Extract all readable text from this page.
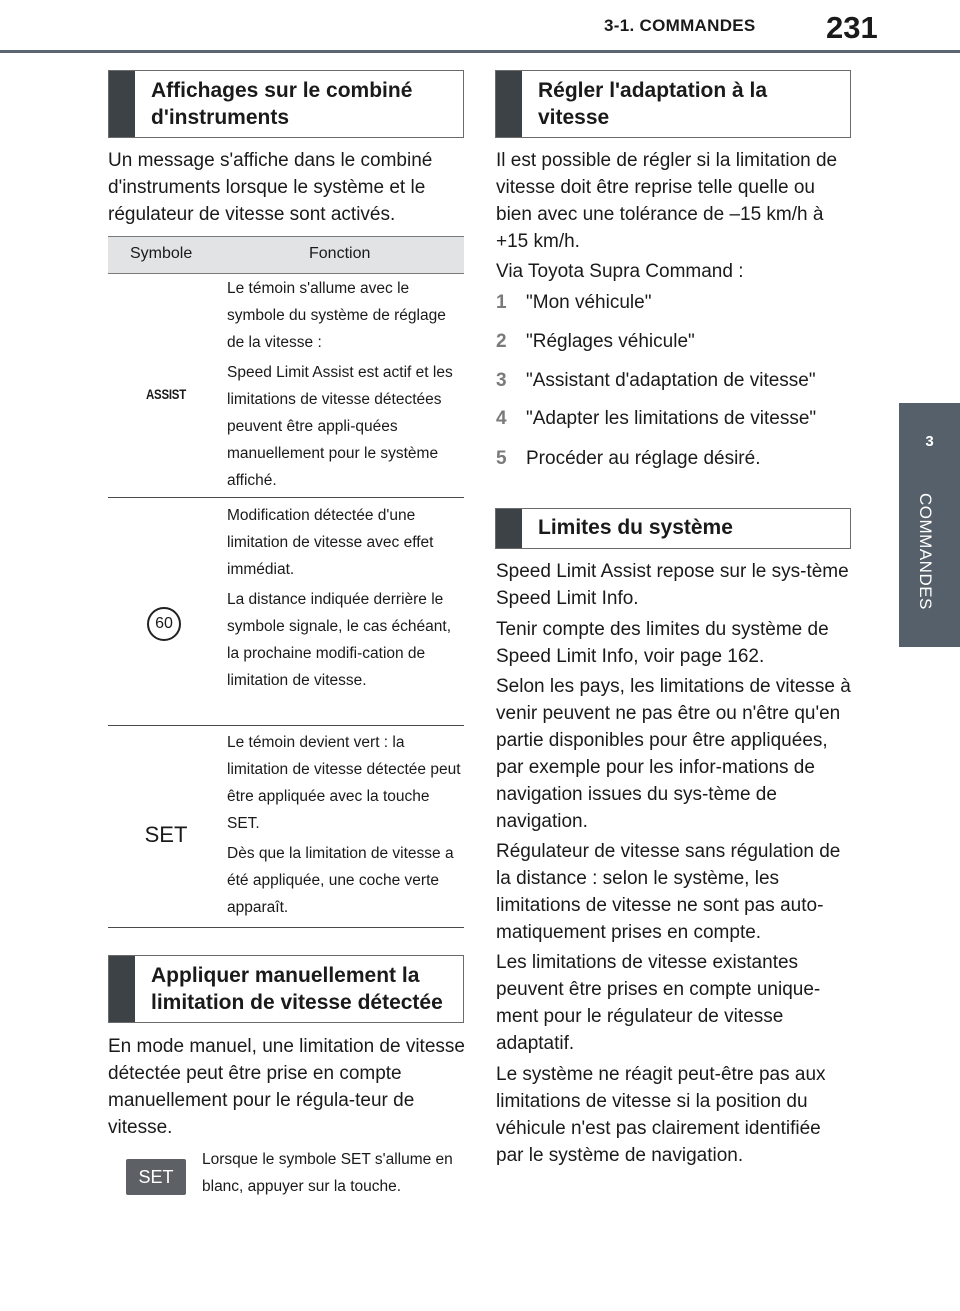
3-1. COMMANDES 231
3
COMMANDES
Affichages sur le combiné d'instruments

Un message s'affiche dans le combiné d'instruments lorsque le système et le régulateur de vitesse sont activés.

Symbole	Fonction
ASSIST

Le témoin s'allume avec le symbole du système de réglage de la vitesse :

Speed Limit Assist est actif et les limitations de vitesse détectées peuvent être appli-quées manuellement pour le système affiché.

60

Modification détectée d'une limitation de vitesse avec effet immédiat.

La distance indiquée derrière le symbole signale, le cas échéant, la prochaine modifi-cation de limitation de vitesse.

SET

Le témoin devient vert : la limitation de vitesse détectée peut être appliquée avec la touche SET.

Dès que la limitation de vitesse a été appliquée, une coche verte apparaît.

Appliquer manuellement la limitation de vitesse détectée

En mode manuel, une limitation de vitesse détectée peut être prise en compte manuellement pour le régula-teur de vitesse.

SET

Lorsque le symbole SET s'allume en blanc, appuyer sur la touche.

Régler l'adaptation à la vitesse

Il est possible de régler si la limitation de vitesse doit être reprise telle quelle ou bien avec une tolérance de –15 km/h à +15 km/h.

Via Toyota Supra Command :

1 "Mon véhicule"
2 "Réglages véhicule"
3 "Assistant d'adaptation de vitesse"
4 "Adapter les limitations de vitesse"
5 Procéder au réglage désiré.
Limites du système

Speed Limit Assist repose sur le sys-tème Speed Limit Info.

Tenir compte des limites du système de Speed Limit Info, voir page 162.

Selon les pays, les limitations de vitesse à venir peuvent ne pas être ou n'être qu'en partie disponibles pour être appliquées, par exemple pour les infor-mations de navigation issues du sys-tème de navigation.

Régulateur de vitesse sans régulation de la distance : selon le système, les limitations de vitesse ne sont pas auto-matiquement prises en compte.

Les limitations de vitesse existantes peuvent être prises en compte unique-ment pour le régulateur de vitesse adaptatif.

Le système ne réagit peut-être pas aux limitations de vitesse si la position du véhicule n'est pas clairement identifiée par le système de navigation.
